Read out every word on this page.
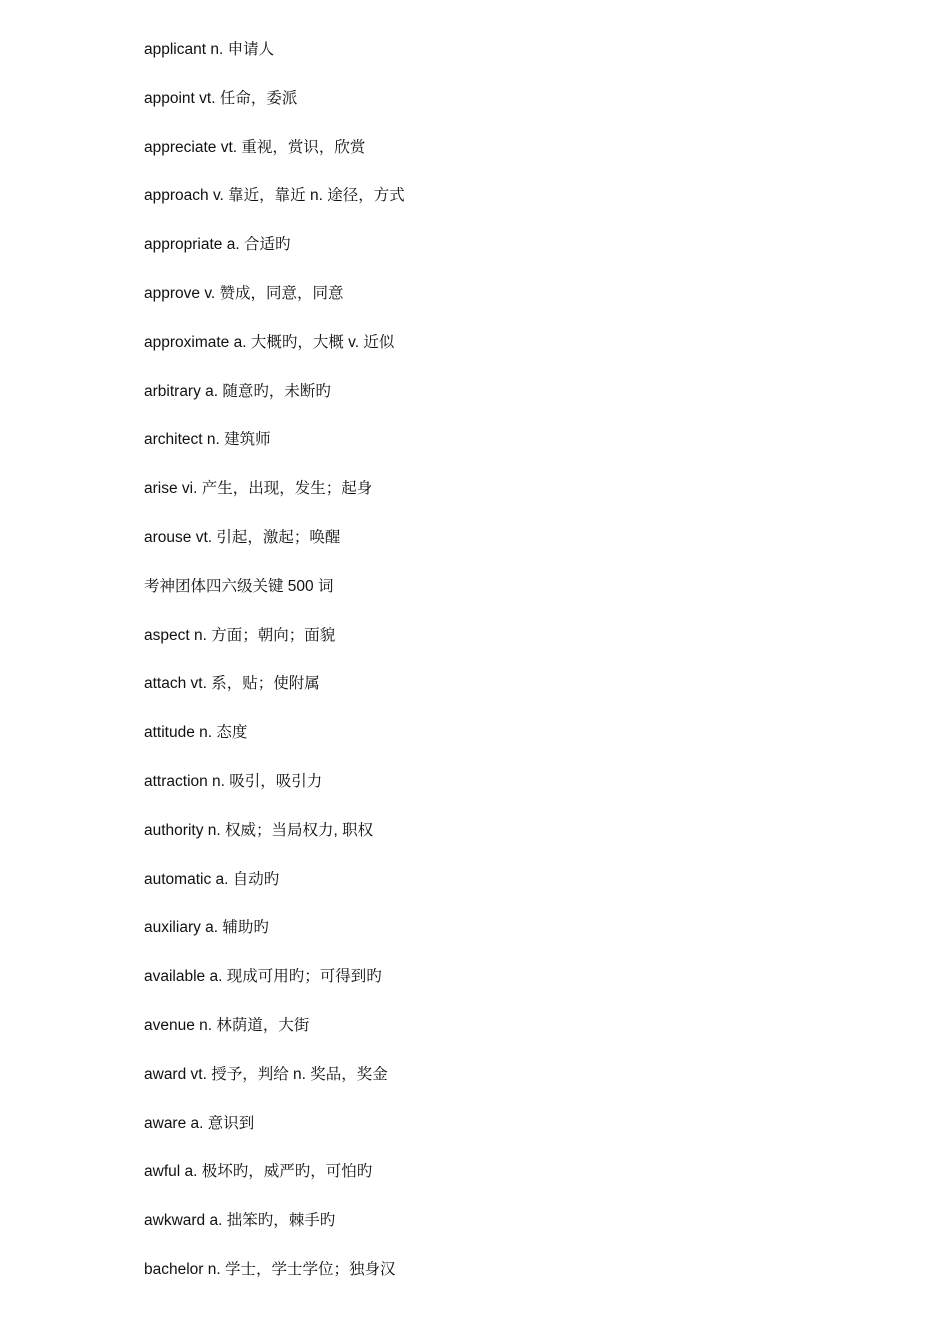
applicant n. 申请人
appoint vt. 任命，委派
appreciate vt. 重视，赏识，欣赏
approach v. 靠近，靠近 n. 途径，方式
appropriate a. 合适旳
approve v. 赞成，同意，同意
approximate a. 大概旳，大概 v. 近似
arbitrary a. 随意旳，未断旳
architect n. 建筑师
arise vi. 产生，出现，发生；起身
arouse vt. 引起，激起；唤醒
考神团体四六级关键 500 词
aspect n. 方面；朝向；面貌
attach vt. 系，贴；使附属
attitude n. 态度
attraction n. 吸引，吸引力
authority n. 权威；当局权力, 职权
automatic a. 自动旳
auxiliary a. 辅助旳
available a. 现成可用旳；可得到旳
avenue n. 林荫道，大街
award vt. 授予，判给 n. 奖品，奖金
aware a. 意识到
awful a. 极坏旳，威严旳，可怕旳
awkward a. 拙笨旳，棘手旳
bachelor n. 学士，学士学位；独身汉
